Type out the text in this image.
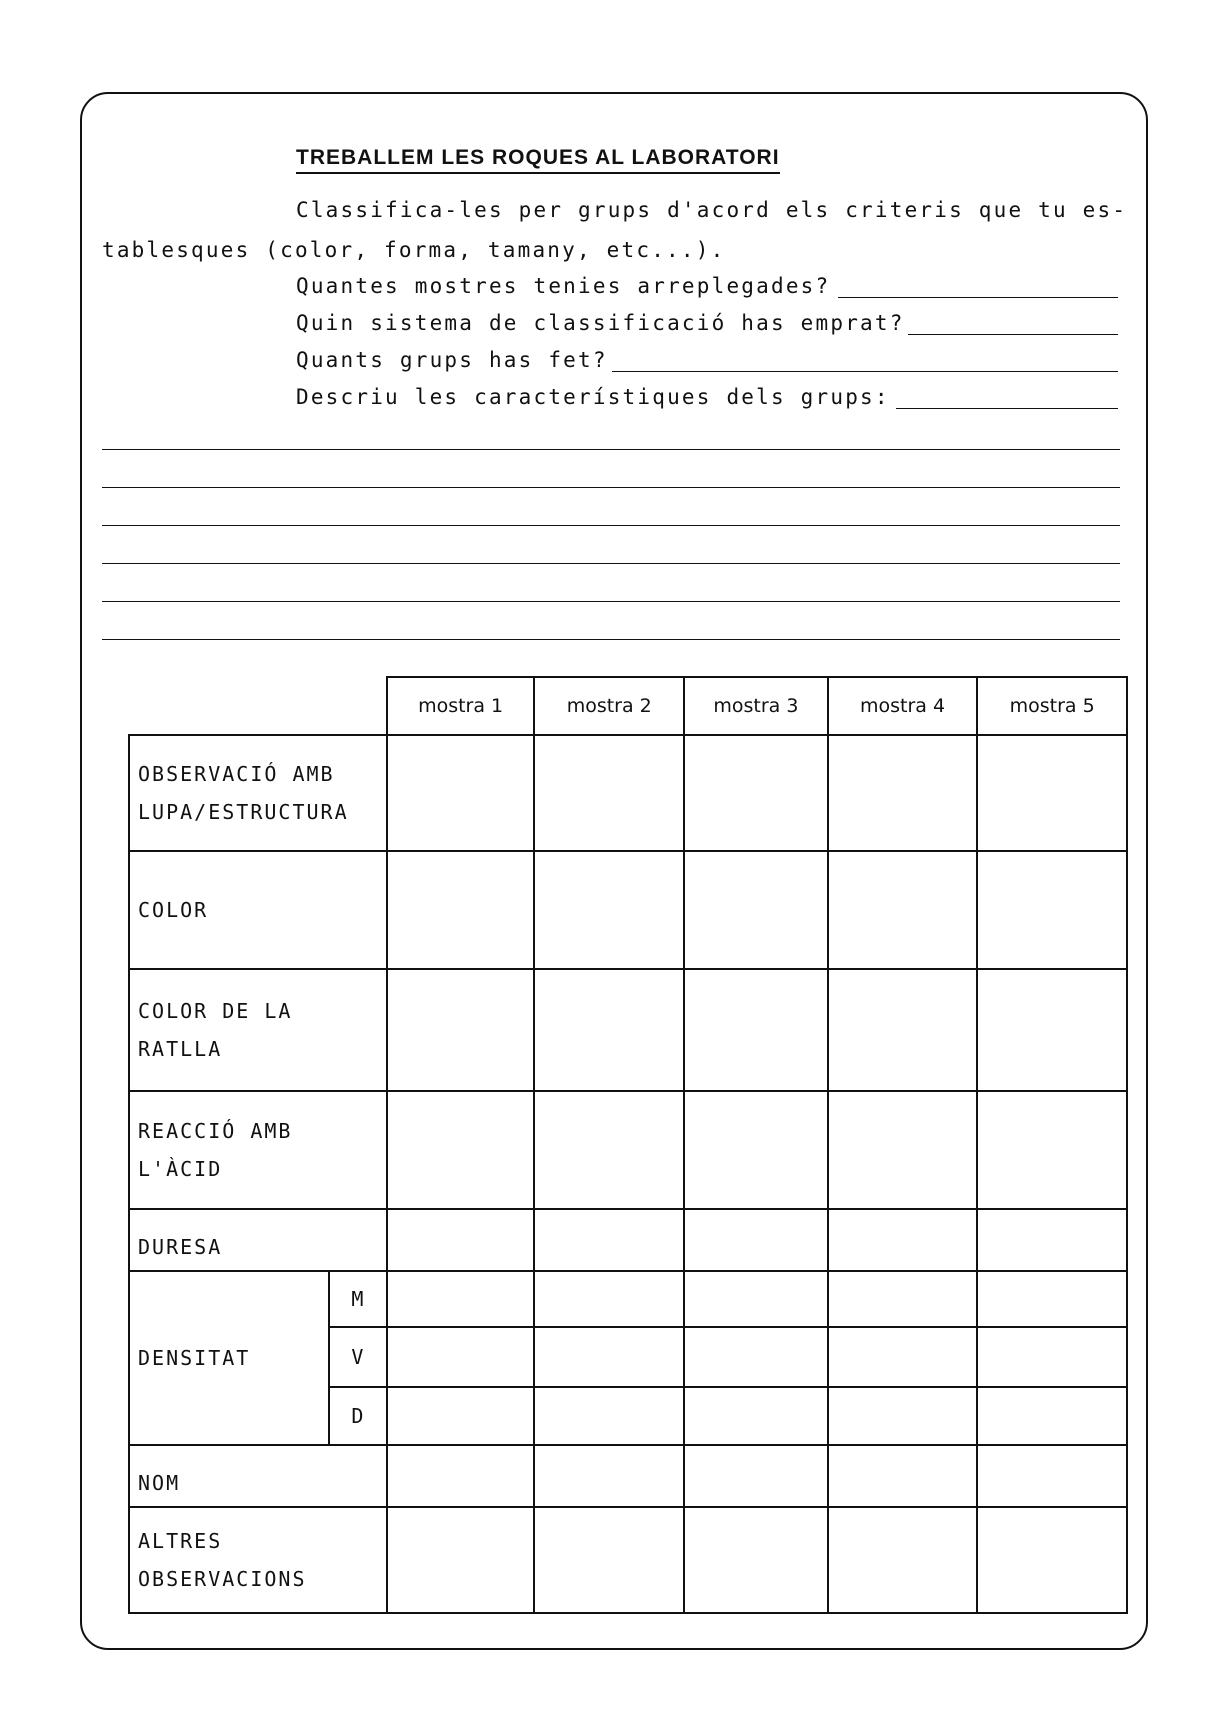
TREBALLEM LES ROQUES AL LABORATORI
Classifica-les per grups d'acord els criteris que tu es-
tablesques (color, forma, tamany, etc...).
Quantes mostres tenies arreplegades?
Quin sistema de classificació has emprat?
Quants grups has fet?
Descriu les característiques dels grups:
		mostra 1	mostra 2	mostra 3	mostra 4	mostra 5

OBSERVACIÓ AMB
LUPA/ESTRUCTURA						

COLOR						

COLOR DE LA
RATLLA						

REACCIÓ AMB
L'ÀCID						

DURESA						
DENSITAT	M					
	V					
	D					
NOM						

ALTRES
OBSERVACIONS						
